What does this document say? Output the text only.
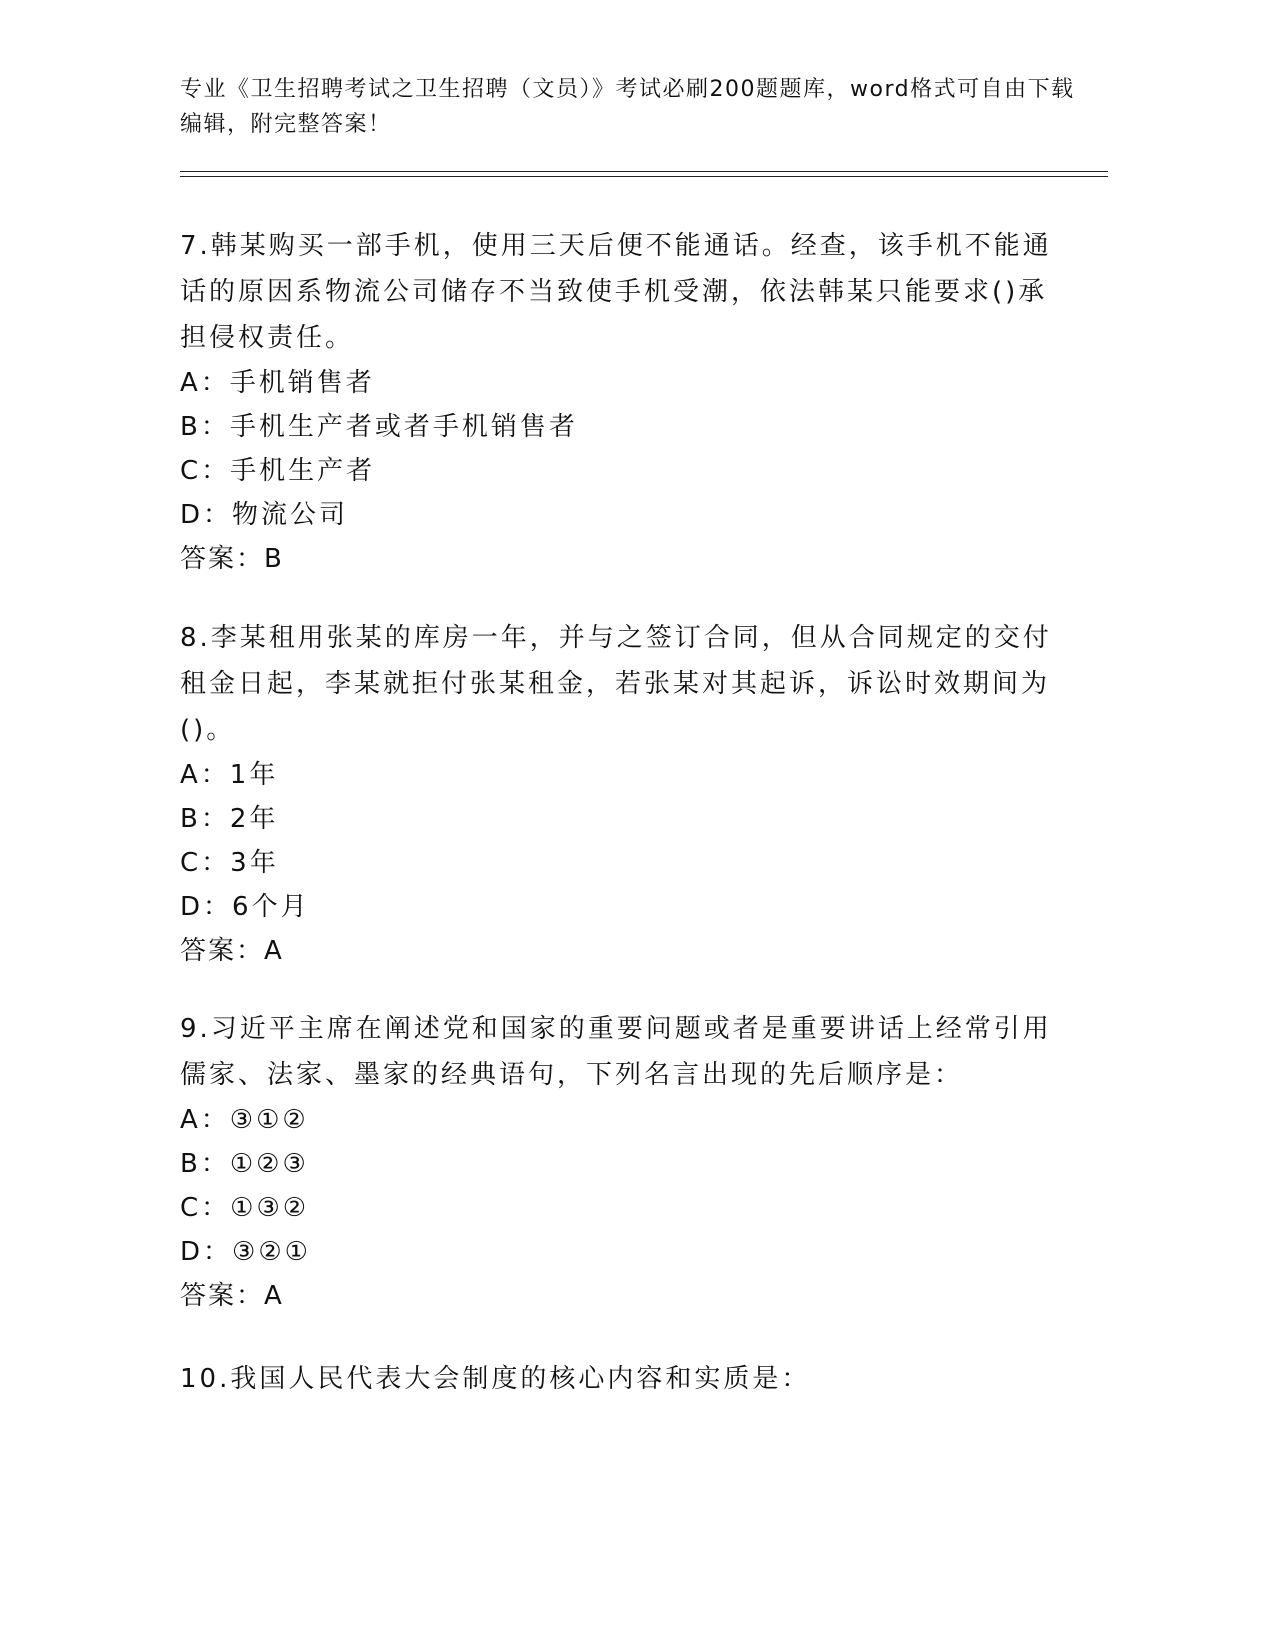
专业《卫生招聘考试之卫生招聘（文员）》考试必刷200题题库，word格式可自由下载编辑，附完整答案！

7.韩某购买一部手机，使用三天后便不能通话。经查，该手机不能通话的原因系物流公司储存不当致使手机受潮，依法韩某只能要求()承担侵权责任。

A：手机销售者

B：手机生产者或者手机销售者

C：手机生产者

D：物流公司

答案：B

8.李某租用张某的库房一年，并与之签订合同，但从合同规定的交付租金日起，李某就拒付张某租金，若张某对其起诉，诉讼时效期间为()。

A：1年

B：2年

C：3年

D：6个月

答案：A

9.习近平主席在阐述党和国家的重要问题或者是重要讲话上经常引用儒家、法家、墨家的经典语句，下列名言出现的先后顺序是：

A：③①②

B：①②③

C：①③②

D：③②①

答案：A

10.我国人民代表大会制度的核心内容和实质是：
